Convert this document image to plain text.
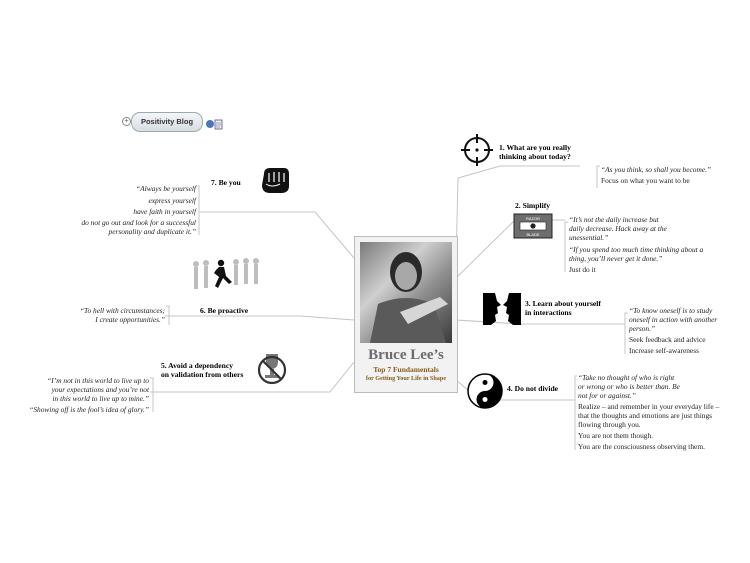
+	Positivity Blog
Bruce Lee’s
Top 7 Fundamentals
for Getting Your Life in Shape
1. What are you really
thinking about today?
“As you think, so shall you become.”
Focus on what you want to be
2. Simplify
RAZOR
BLADE
“It’s not the daily increase but
daily decrease. Hack away at the
unessential.”
“If you spend too much time thinking about a
thing, you’ll never get it done.”
Just do it
3. Learn about yourself
in interactions	“To know oneself is to study
oneself in action with another
person.”
Seek feedback and advice
Increase self-awareness
4. Do not divide
“Take no thought of who is right
or wrong or who is better than. Be
not for or against.”
Realize – and remember in your everyday life –
that the thoughts and emotions are just things
flowing through you.
You are not them though.
You are the consciousness observing them.
5. Avoid a dependency
on validation from others
“I’m not in this world to live up to
your expectations and you’re not
in this world to live up to mine.”
“Showing off is the fool’s idea of glory.”
6. Be proactive
“To hell with circumstances;
I create opportunities.”
7. Be you
“Always be yourself
express yourself
have faith in yourself
do not go out and look for a successful
personality and duplicate it.”
